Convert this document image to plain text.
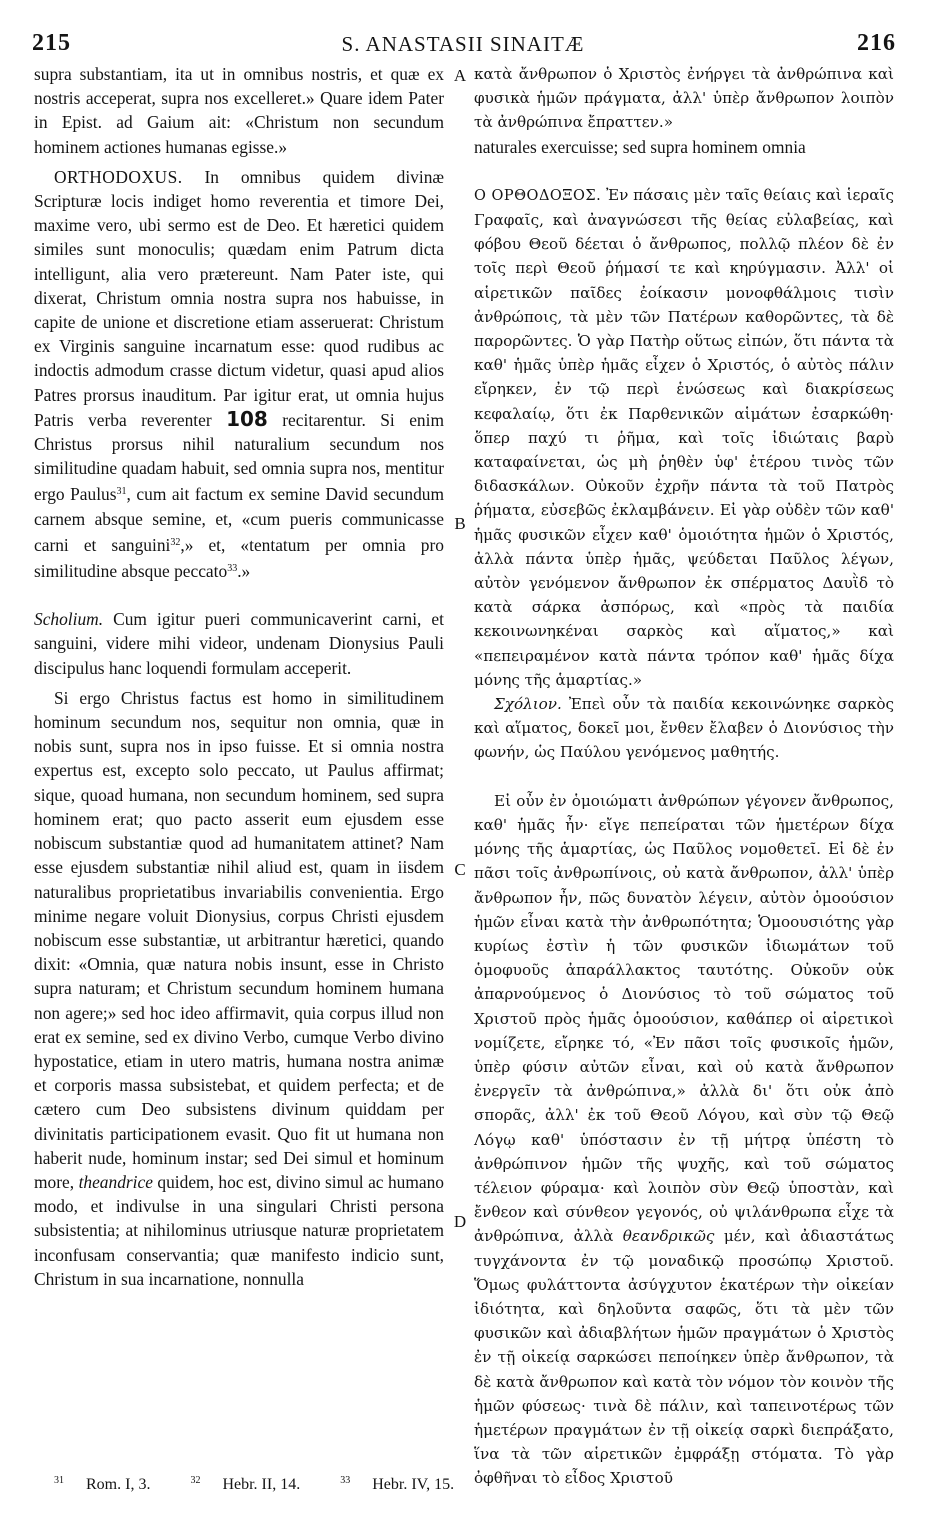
215	S. ANASTASII SINAITÆ	216
A
B
C
D

supra substantiam, ita ut in omnibus nostris, et quæ ex nostris acceperat, supra nos excelleret.» Quare idem Pater in Epist. ad Gaium ait: «Christum non secundum hominem actiones humanas egisse.»

ORTHODOXUS. In omnibus quidem divinæ Scripturæ locis indiget homo reverentia et timore Dei, maxime vero, ubi sermo est de Deo. Et hæretici quidem similes sunt monoculis; quædam enim Patrum dicta intelligunt, alia vero prætereunt. Nam Pater iste, qui dixerat, Christum omnia nostra supra nos habuisse, in capite de unione et discretione etiam asseruerat: Christum ex Virginis sanguine incarnatum esse: quod rudibus ac indoctis admodum crasse dictum videtur, quasi apud alios Patres prorsus inauditum. Par igitur erat, ut omnia hujus Patris verba reverenter 108 recitarentur. Si enim Christus prorsus nihil naturalium secundum nos similitudine quadam habuit, sed omnia supra nos, mentitur ergo Paulus$^{31}$, cum ait factum ex semine David secundum carnem absque semine, et, «cum pueris communicasse carni et sanguini$^{32}$,» et, «tentatum per omnia pro similitudine absque peccato$^{33}$.»

Scholium. Cum igitur pueri communicaverint carni, et sanguini, videre mihi videor, undenam Dionysius Pauli discipulus hanc loquendi formulam acceperit.

Si ergo Christus factus est homo in similitudinem hominum secundum nos, sequitur non omnia, quæ in nobis sunt, supra nos in ipso fuisse. Et si omnia nostra expertus est, excepto solo peccato, ut Paulus affirmat; sique, quoad humana, non secundum hominem, sed supra hominem erat; quo pacto asserit eum ejusdem esse nobiscum substantiæ quod ad humanitatem attinet? Nam esse ejusdem substantiæ nihil aliud est, quam in iisdem naturalibus proprietatibus invariabilis convenientia. Ergo minime negare voluit Dionysius, corpus Christi ejusdem nobiscum esse substantiæ, ut arbitrantur hæretici, quando dixit: «Omnia, quæ natura nobis insunt, esse in Christo supra naturam; et Christum secundum hominem humana non agere;» sed hoc ideo affirmavit, quia corpus illud non erat ex semine, sed ex divino Verbo, cumque Verbo divino hypostatice, etiam in utero matris, humana nostra animæ et corporis massa subsistebat, et quidem perfecta; et de cætero cum Deo subsistens divinum quiddam per divinitatis participationem evasit. Quo fit ut humana non haberit nude, hominum instar; sed Dei simul et hominum more, theandrice quidem, hoc est, divino simul ac humano modo, et indivulse in una singulari Christi persona subsistentia; at nihilominus utriusque naturæ proprietatem inconfusam conservantia; quæ manifesto indicio sunt, Christum in sua incarnatione, nonnulla

κατὰ ἄνθρωπον ὁ Χριστὸς ἐνήργει τὰ ἀνθρώπινα καὶ φυσικὰ ἡμῶν πράγματα, ἀλλ' ὑπὲρ ἄνθρωπον λοιπὸν τὰ ἀνθρώπινα ἔπραττεν.»

naturales exercuisse; sed supra hominem omnia

Ο ΟΡΘΟΔΟΞΟΣ. Ἐν πάσαις μὲν ταῖς θείαις καὶ ἱεραῖς Γραφαῖς, καὶ ἀναγνώσεσι τῆς θείας εὐλαβείας, καὶ φόβου Θεοῦ δέεται ὁ ἄνθρωπος, πολλῷ πλέον δὲ ἐν τοῖς περὶ Θεοῦ ῥήμασί τε καὶ κηρύγμασιν. Ἀλλ' οἱ αἱρετικῶν παῖδες ἐοίκασιν μονοφθάλμοις τισὶν ἀνθρώποις, τὰ μὲν τῶν Πατέρων καθορῶντες, τὰ δὲ παρορῶντες. Ὁ γὰρ Πατὴρ οὕτως εἰπών, ὅτι πάντα τὰ καθ' ἡμᾶς ὑπὲρ ἡμᾶς εἶχεν ὁ Χριστός, ὁ αὐτὸς πάλιν εἴρηκεν, ἐν τῷ περὶ ἑνώσεως καὶ διακρίσεως κεφαλαίῳ, ὅτι ἐκ Παρθενικῶν αἱμάτων ἐσαρκώθη· ὅπερ παχύ τι ῥῆμα, καὶ τοῖς ἰδιώταις βαρὺ καταφαίνεται, ὡς μὴ ῥηθὲν ὑφ' ἑτέρου τινὸς τῶν διδασκάλων. Οὐκοῦν ἐχρῆν πάντα τὰ τοῦ Πατρὸς ῥήματα, εὐσεβῶς ἐκλαμβάνειν. Εἰ γὰρ οὐδὲν τῶν καθ' ἡμᾶς φυσικῶν εἶχεν καθ' ὁμοιότητα ἡμῶν ὁ Χριστός, ἀλλὰ πάντα ὑπὲρ ἡμᾶς, ψεύδεται Παῦλος λέγων, αὐτὸν γενόμενον ἄνθρωπον ἐκ σπέρματος Δαυῒδ τὸ κατὰ σάρκα ἀσπόρως, καὶ «πρὸς τὰ παιδία κεκοινωνηκέναι σαρκὸς καὶ αἵματος,» καὶ «πεπειραμένον κατὰ πάντα τρόπον καθ' ἡμᾶς δίχα μόνης τῆς ἁμαρτίας.»

Σχόλιον. Ἐπεὶ οὖν τὰ παιδία κεκοινώνηκε σαρκὸς καὶ αἵματος, δοκεῖ μοι, ἔνθεν ἔλαβεν ὁ Διονύσιος τὴν φωνήν, ὡς Παύλου γενόμενος μαθητής.

Εἰ οὖν ἐν ὁμοιώματι ἀνθρώπων γέγονεν ἄνθρωπος, καθ' ἡμᾶς ἦν· εἴγε πεπείραται τῶν ἡμετέρων δίχα μόνης τῆς ἁμαρτίας, ὡς Παῦλος νομοθετεῖ. Εἰ δὲ ἐν πᾶσι τοῖς ἀνθρωπίνοις, οὐ κατὰ ἄνθρωπον, ἀλλ' ὑπὲρ ἄνθρωπον ἦν, πῶς δυνατὸν λέγειν, αὐτὸν ὁμοούσιον ἡμῶν εἶναι κατὰ τὴν ἀνθρωπότητα; Ὁμοουσιότης γὰρ κυρίως ἐστὶν ἡ τῶν φυσικῶν ἰδιωμάτων τοῦ ὁμοφυοῦς ἀπαράλλακτος ταυτότης. Οὐκοῦν οὐκ ἀπαρνούμενος ὁ Διονύσιος τὸ τοῦ σώματος τοῦ Χριστοῦ πρὸς ἡμᾶς ὁμοούσιον, καθάπερ οἱ αἱρετικοὶ νομίζετε, εἴρηκε τό, «Ἐν πᾶσι τοῖς φυσικοῖς ἡμῶν, ὑπὲρ φύσιν αὐτῶν εἶναι, καὶ οὐ κατὰ ἄνθρωπον ἐνεργεῖν τὰ ἀνθρώπινα,» ἀλλὰ δι' ὅτι οὐκ ἀπὸ σπορᾶς, ἀλλ' ἐκ τοῦ Θεοῦ Λόγου, καὶ σὺν τῷ Θεῷ Λόγῳ καθ' ὑπόστασιν ἐν τῇ μήτρᾳ ὑπέστη τὸ ἀνθρώπινον ἡμῶν τῆς ψυχῆς, καὶ τοῦ σώματος τέλειον φύραμα· καὶ λοιπὸν σὺν Θεῷ ὑποστὰν, καὶ ἔνθεον καὶ σύνθεον γεγονός, οὐ ψιλάνθρωπα εἶχε τὰ ἀνθρώπινα, ἀλλὰ θεανδρικῶς μέν, καὶ ἀδιαστάτως τυγχάνοντα ἐν τῷ μοναδικῷ προσώπῳ Χριστοῦ. Ὅμως φυλάττοντα ἀσύγχυτον ἑκατέρων τὴν οἰκείαν ἰδιότητα, καὶ δηλοῦντα σαφῶς, ὅτι τὰ μὲν τῶν φυσικῶν καὶ ἀδιαβλήτων ἡμῶν πραγμάτων ὁ Χριστὸς ἐν τῇ οἰκείᾳ σαρκώσει πεποίηκεν ὑπὲρ ἄνθρωπον, τὰ δὲ κατὰ ἄνθρωπον καὶ κατὰ τὸν νόμον τὸν κοινὸν τῆς ἡμῶν φύσεως· τινὰ δὲ πάλιν, καὶ ταπεινοτέρως τῶν ἡμετέρων πραγμάτων ἐν τῇ οἰκείᾳ σαρκὶ διεπράξατο, ἵνα τὰ τῶν αἱρετικῶν ἐμφράξῃ στόματα. Τὸ γὰρ ὀφθῆναι τὸ εἶδος Χριστοῦ

$^{31}$ Rom. I, 3.	$^{32}$ Hebr. II, 14.	$^{33}$ Hebr. IV, 15.
